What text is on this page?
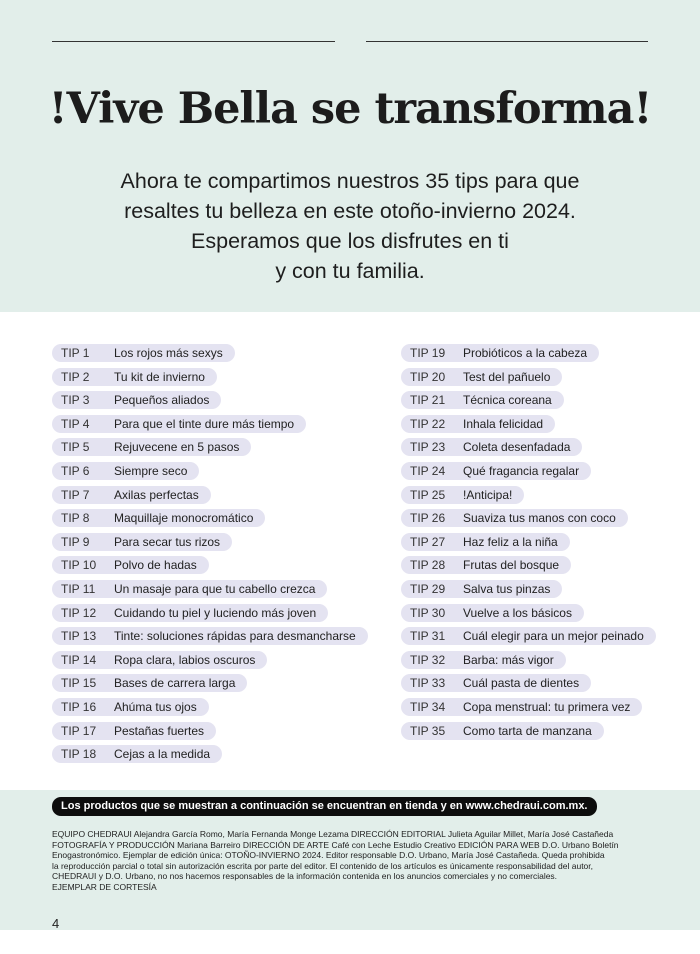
!Vive Bella se transforma!
Ahora te compartimos nuestros 35 tips para que
resaltes tu belleza en este otoño-invierno 2024.
Esperamos que los disfrutes en ti
y con tu familia.
TIP 1 Los rojos más sexys
TIP 2 Tu kit de invierno
TIP 3 Pequeños aliados
TIP 4 Para que el tinte dure más tiempo
TIP 5 Rejuvecene en 5 pasos
TIP 6 Siempre seco
TIP 7 Axilas perfectas
TIP 8 Maquillaje monocromático
TIP 9 Para secar tus rizos
TIP 10 Polvo de hadas
TIP 11 Un masaje para que tu cabello crezca
TIP 12 Cuidando tu piel y luciendo más joven
TIP 13 Tinte: soluciones rápidas para desmancharse
TIP 14 Ropa clara, labios oscuros
TIP 15 Bases de carrera larga
TIP 16 Ahúma tus ojos
TIP 17 Pestañas fuertes
TIP 18 Cejas a la medida
TIP 19 Probióticos a la cabeza
TIP 20 Test del pañuelo
TIP 21 Técnica coreana
TIP 22 Inhala felicidad
TIP 23 Coleta desenfadada
TIP 24 Qué fragancia regalar
TIP 25 !Anticipa!
TIP 26 Suaviza tus manos con coco
TIP 27 Haz feliz a la niña
TIP 28 Frutas del bosque
TIP 29 Salva tus pinzas
TIP 30 Vuelve a los básicos
TIP 31 Cuál elegir para un mejor peinado
TIP 32 Barba: más vigor
TIP 33 Cuál pasta de dientes
TIP 34 Copa menstrual: tu primera vez
TIP 35 Como tarta de manzana
Los productos que se muestran a continuación se encuentran en tienda y en www.chedraui.com.mx.
EQUIPO CHEDRAUI Alejandra García Romo, María Fernanda Monge Lezama DIRECCIÓN EDITORIAL Julieta Aguilar Millet, María José Castañeda
FOTOGRAFÍA Y PRODUCCIÓN Mariana Barreiro DIRECCIÓN DE ARTE Café con Leche Estudio Creativo EDICIÓN PARA WEB D.O. Urbano Boletín
Enogastronómico. Ejemplar de edición única: OTOÑO-INVIERNO 2024. Editor responsable D.O. Urbano, María José Castañeda. Queda prohibida
la reproducción parcial o total sin autorización escrita por parte del editor. El contenido de los artículos es únicamente responsabilidad del autor,
CHEDRAUI y D.O. Urbano, no nos hacemos responsables de la información contenida en los anuncios comerciales y no comerciales.
EJEMPLAR DE CORTESÍA
4
